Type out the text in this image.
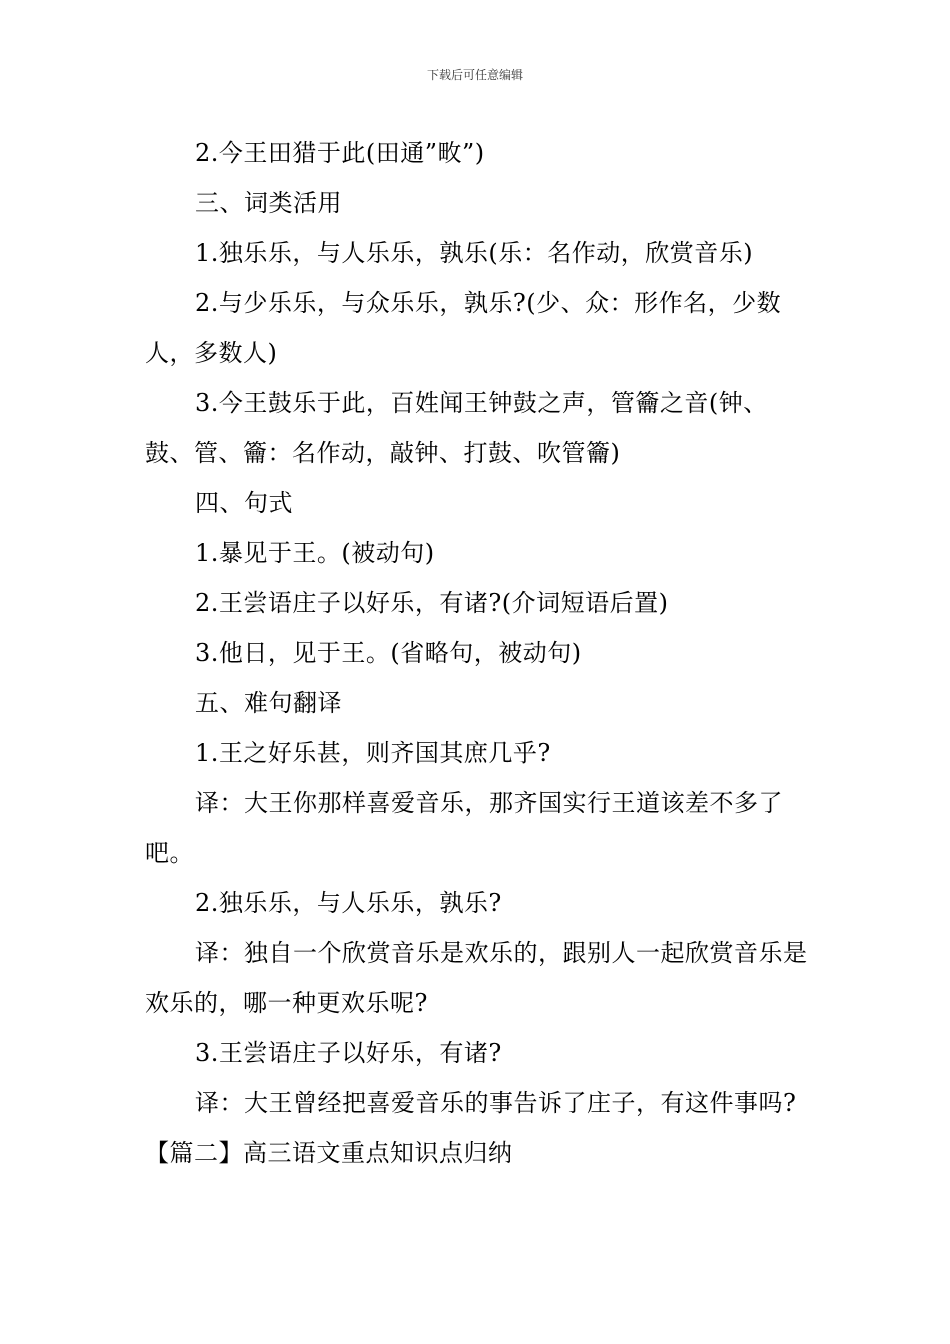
下载后可任意编辑

2.今王田猎于此(田通”畋”)

三、词类活用

1.独乐乐，与人乐乐，孰乐(乐：名作动，欣赏音乐)

2.与少乐乐，与众乐乐，孰乐?(少、众：形作名，少数人，多数人)

3.今王鼓乐于此，百姓闻王钟鼓之声，管籥之音(钟、鼓、管、籥：名作动，敲钟、打鼓、吹管籥)

四、句式

1.暴见于王。(被动句)

2.王尝语庄子以好乐，有诸?(介词短语后置)

3.他日，见于王。(省略句，被动句)

五、难句翻译

1.王之好乐甚，则齐国其庶几乎?

译：大王你那样喜爱音乐，那齐国实行王道该差不多了吧。

2.独乐乐，与人乐乐，孰乐?

译：独自一个欣赏音乐是欢乐的，跟别人一起欣赏音乐是欢乐的，哪一种更欢乐呢?

3.王尝语庄子以好乐，有诸?

译：大王曾经把喜爱音乐的事告诉了庄子，有这件事吗?

【篇二】高三语文重点知识点归纳
